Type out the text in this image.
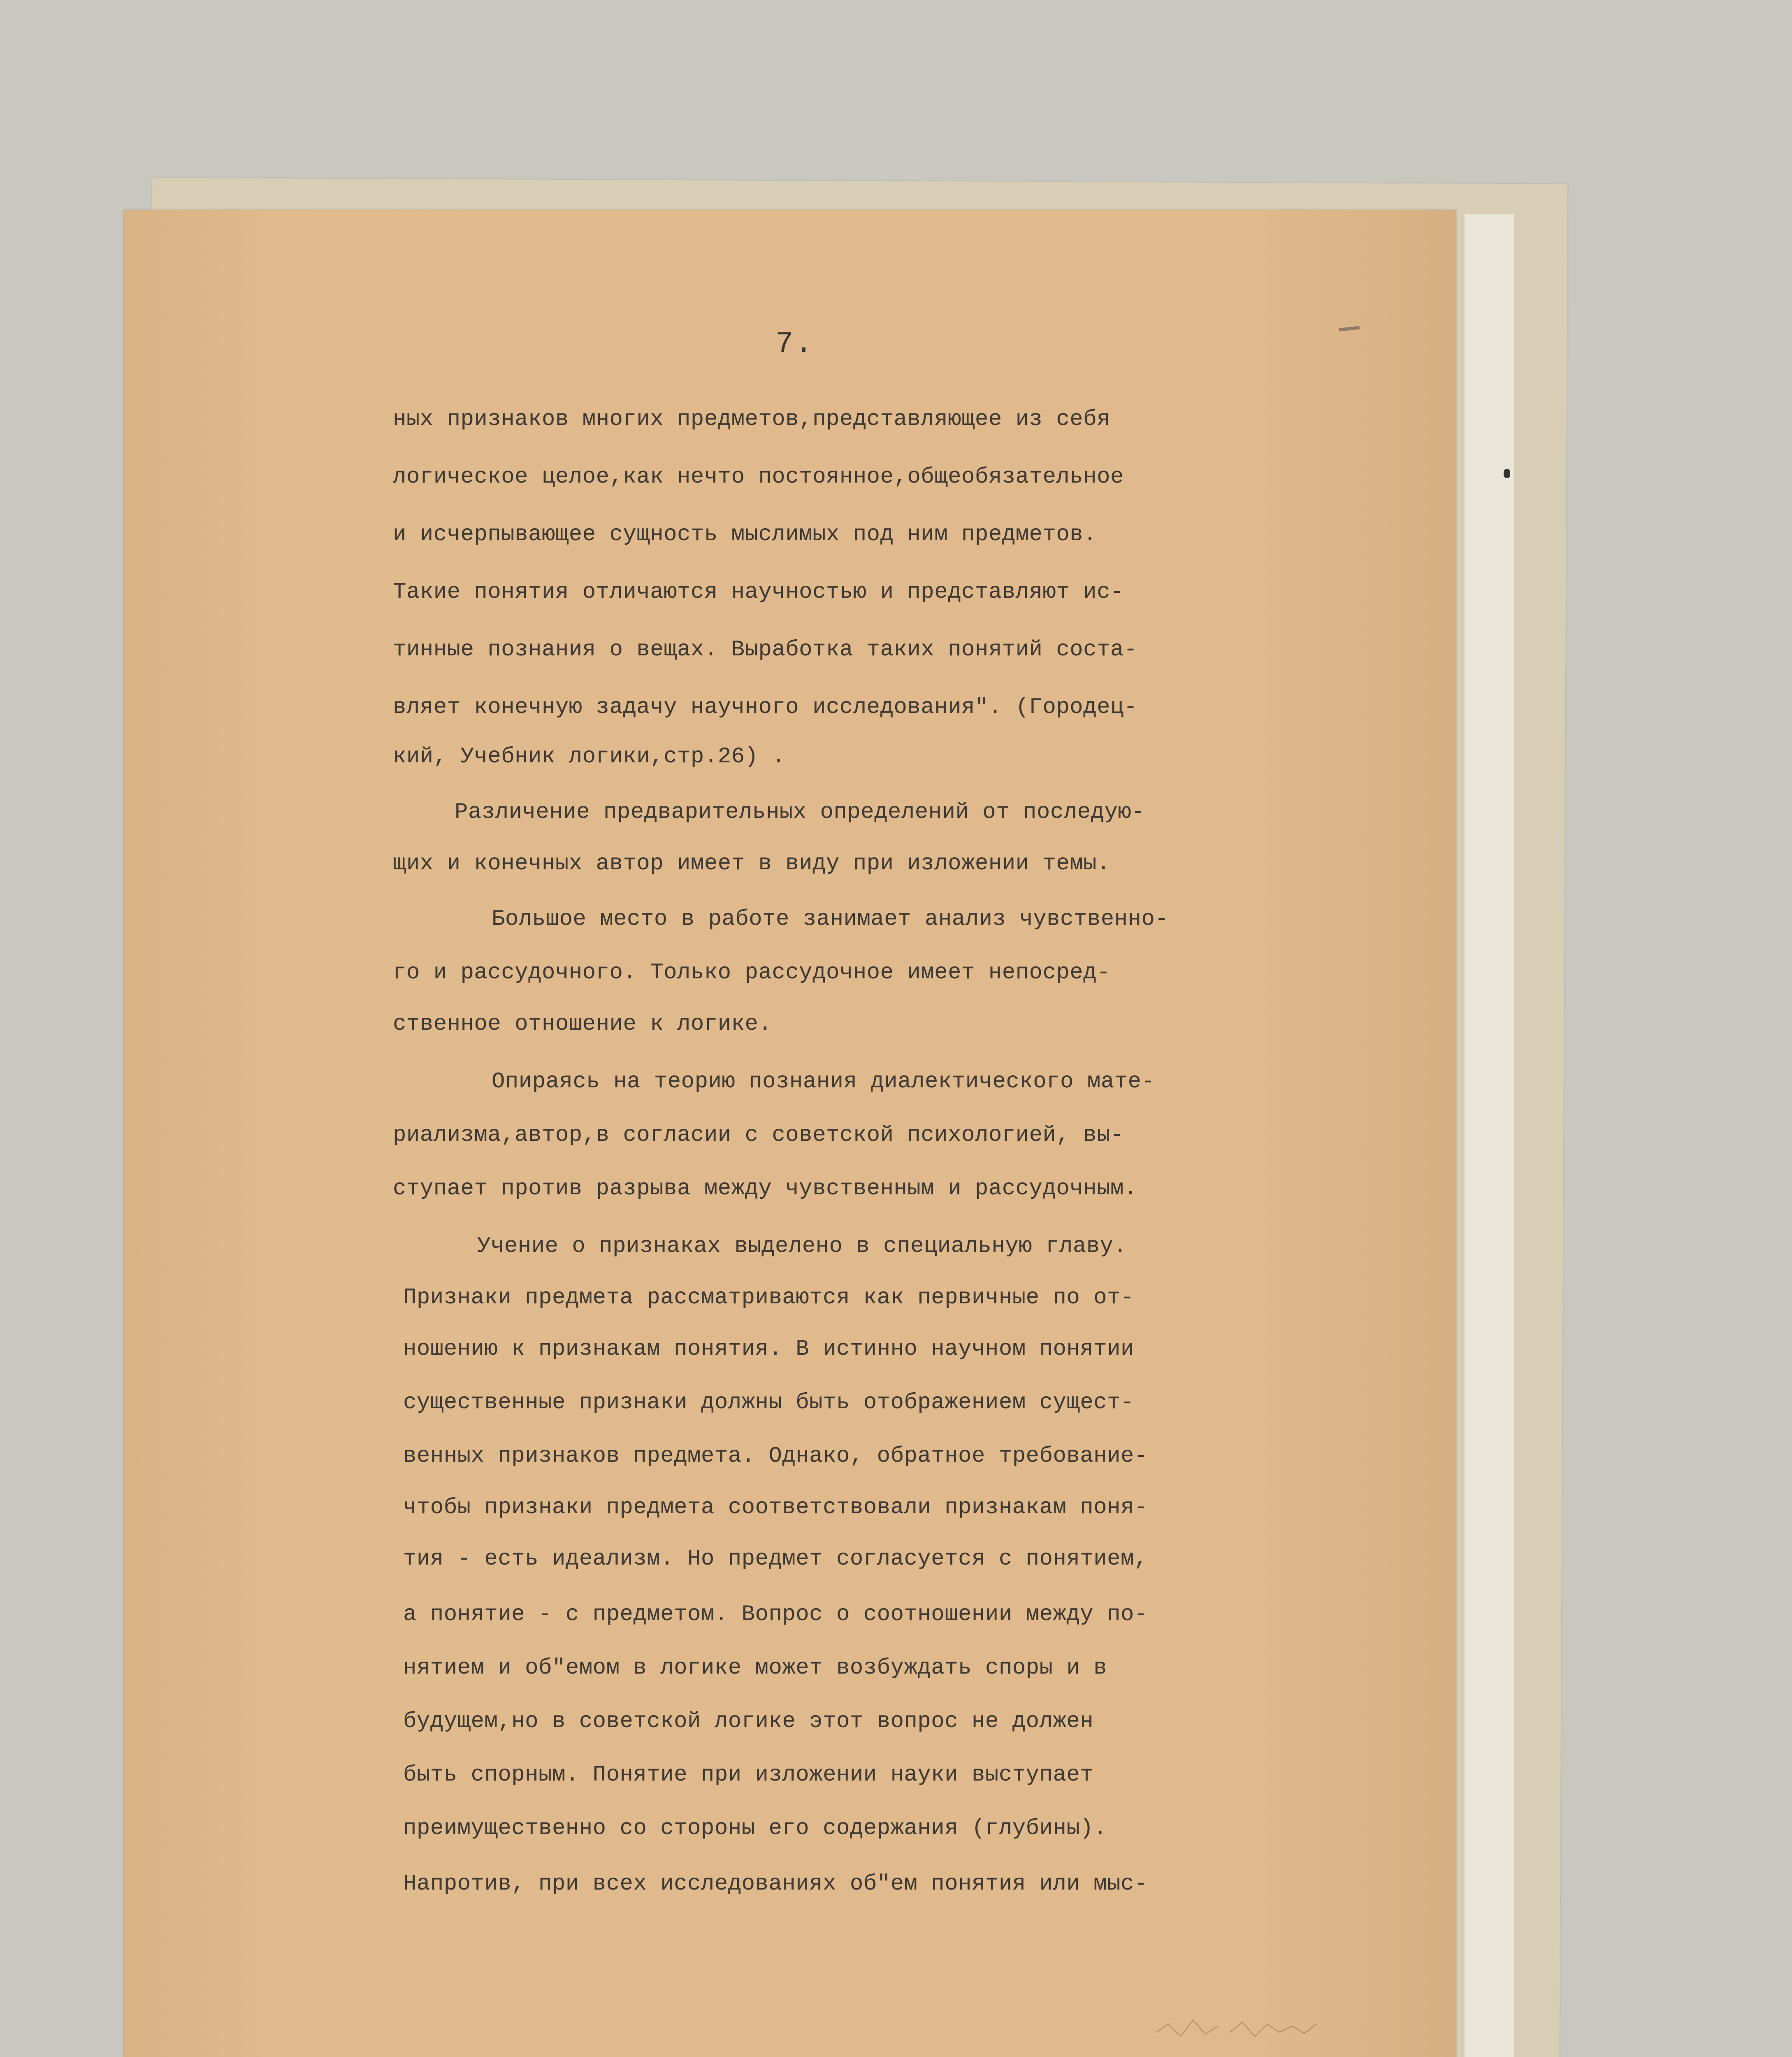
7.
ных признаков многих предметов,представляющее из себя
логическое целое,как нечто постоянное,общеобязательное
и исчерпывающее сущность мыслимых под ним предметов.
Такие понятия отличаются научностью и представляют ис-
тинные познания о вещах. Выработка таких понятий соста-
вляет конечную задачу научного исследования". (Городец-
кий, Учебник логики,стр.26) .
Различение предварительных определений от последую-
щих и конечных автор имеет в виду при изложении темы.
Большое место в работе занимает анализ чувственно-
го и рассудочного. Только рассудочное имеет непосред-
ственное отношение к логике.
Опираясь на теорию познания диалектического мате-
риализма,автор,в согласии с советской психологией, вы-
ступает против разрыва между чувственным и рассудочным.
Учение о признаках выделено в специальную главу.
Признаки предмета рассматриваются как первичные по от-
ношению к признакам понятия. В истинно научном понятии
существенные признаки должны быть отображением сущест-
венных признаков предмета. Однако, обратное требование-
чтобы признаки предмета соответствовали признакам поня-
тия - есть идеализм. Но предмет согласуется с понятием,
а понятие - с предметом. Вопрос о соотношении между по-
нятием и об"емом в логике может возбуждать споры и в
будущем,но в советской логике этот вопрос не должен
быть спорным. Понятие при изложении науки выступает
преимущественно со стороны его содержания (глубины).
Напротив, при всех исследованиях об"ем понятия или мыс-
